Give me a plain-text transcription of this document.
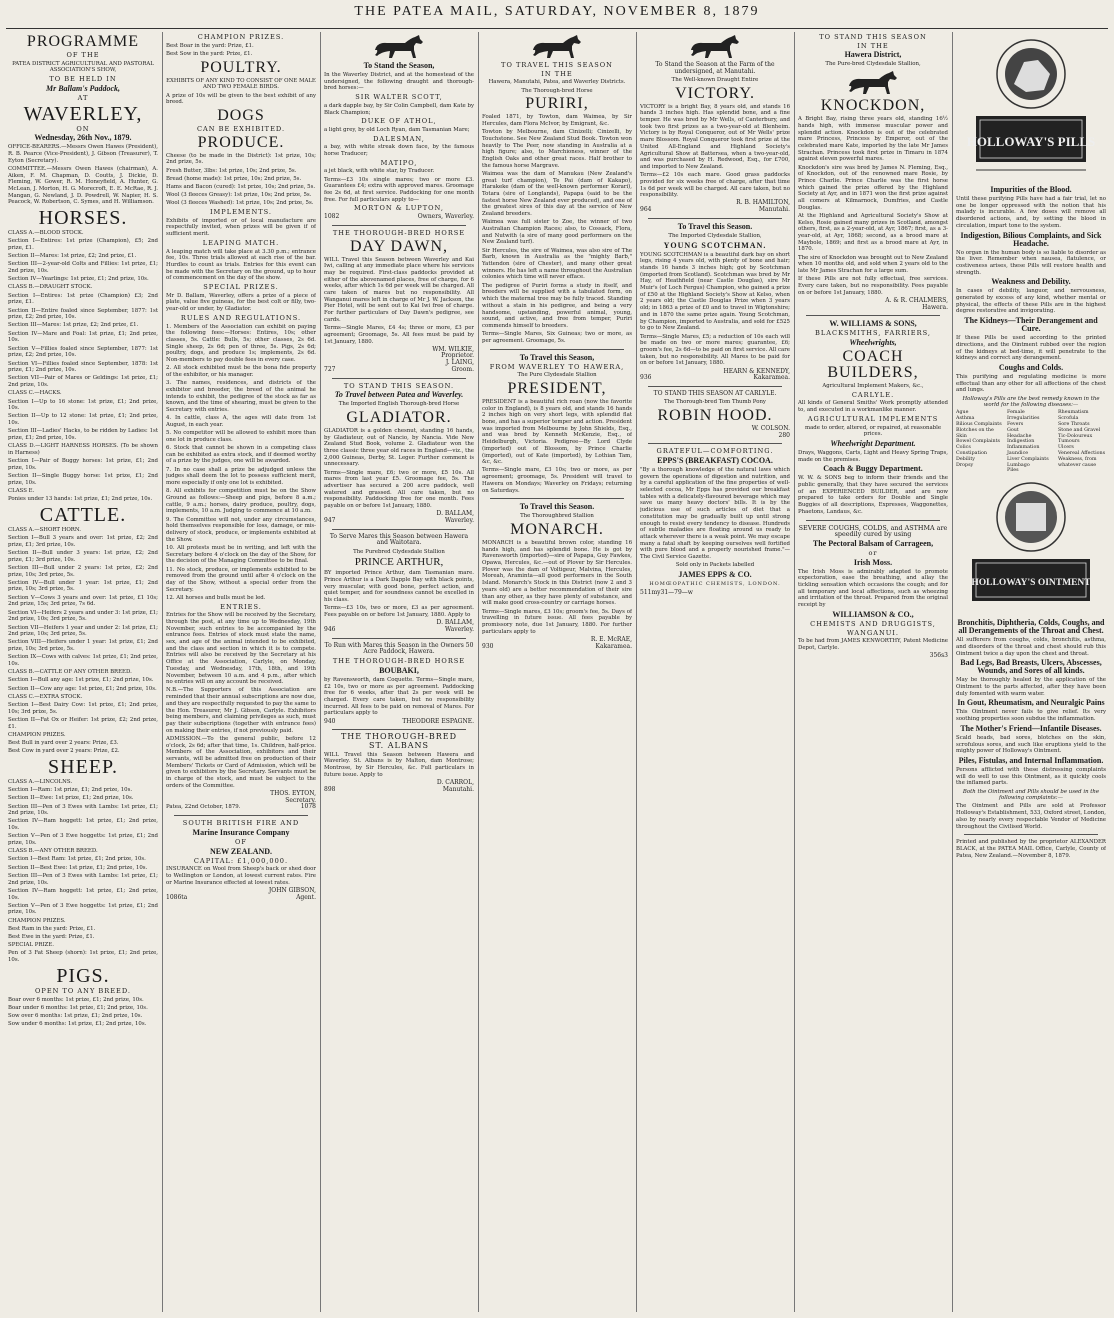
THE PATEA MAIL, SATURDAY, NOVEMBER 8, 1879
PROGRAMME
OF THE

PATEA DISTRICT AGRICULTURAL AND PASTORAL ASSOCIATION'S SHOW,

TO BE HELD IN
Mr Ballam's Paddock,
AT
WAVERLEY,
ON
Wednesday, 26th Nov., 1879.

OFFICE-BEARERS.—Messrs Owen Hawes (President), R. B. Pearce (Vice-President), J. Gibson (Treasurer), T. Eyton (Secretary).

COMMITTEE.—Messrs Owen Hawes (chairman), A. Aiken, F. M. Chapman, D. Coutts, J. Dickie, D. Fleming, W. Gower, R. M. Honeyfield, A. Hunter, G. McLean, J. Morton, H. G. Morecroft, E. E. McRae, R. J. Mangan, G. Newland, J. D. Powdrell, W. Napier, H. S. Peacock, W. Robertson, C. Symes, and H. Williamson.

HORSES.

CLASS A.—BLOOD STOCK.

Section I—Entires: 1st prize (Champion), £5; 2nd prize, £1.

Section II—Mares: 1st prize, £2; 2nd prize, £1.

Section III—2-year-old Colts and Fillies: 1st prize, £1; 2nd prize, 10s.

Section IV—Yearlings: 1st prize, £1; 2nd prize, 10s.

CLASS B.—DRAUGHT STOCK.

Section I—Entires: 1st prize (Champion) £3; 2nd prize, £1.

Section II—Entire foaled since September, 1877: 1st prize, £2; 2nd prize, 10s.

Section III—Mares: 1st prize, £2; 2nd prize, £1.

Section IV—Mare and Foal: 1st prize, £1; 2nd prize, 10s.

Section V—Fillies foaled since September, 1877: 1st prize, £2; 2nd prize, 10s.

Section VI—Fillies foaled since September, 1878: 1st prize, £1; 2nd prize, 10s.

Section VII—Pair of Mares or Geldings: 1st prize, £1; 2nd prize, 10s.

CLASS C.—HACKS.

Section I—Up to 16 stone: 1st prize, £1; 2nd prize, 10s.

Section II—Up to 12 stone: 1st prize, £1; 2nd prize, 10s.

Section III—Ladies' Hacks, to be ridden by Ladies: 1st prize, £1; 2nd prize, 10s.

CLASS D.—LIGHT HARNESS HORSES. (To be shown in Harness)

Section I—Pair of Buggy horses: 1st prize, £1; 2nd prize, 10s.

Section II—Single Buggy horse: 1st prize, £1; 2nd prize, 10s.

CLASS E.

Ponies under 13 hands: 1st prize, £1; 2nd prize, 10s.

CATTLE.

CLASS A.—SHORT HORN.

Section I—Bull 3 years and over: 1st prize, £2; 2nd prize, £1; 3rd prize, 10s.

Section II—Bull under 3 years: 1st prize, £2; 2nd prize, £1; 3rd prize, 10s.

Section III—Bull under 2 years: 1st prize, £2; 2nd prize, 10s; 3rd prize, 5s.

Section IV—Bull under 1 year: 1st prize, £1; 2nd prize, 10s; 3rd prize, 5s.

Section V—Cows 3 years and over: 1st prize, £1 10s; 2nd prize, 15s; 3rd prize, 7s 6d.

Section VI—Heifers 2 years and under 3: 1st prize, £1; 2nd prize, 10s; 3rd prize, 5s.

Section VII—Heifers 1 year and under 2: 1st prize, £1; 2nd prize, 10s; 3rd prize, 5s.

Section VIII—Heifers under 1 year: 1st prize, £1; 2nd prize, 10s; 3rd prize, 5s.

Section IX—Cows with calves: 1st prize, £1; 2nd prize, 10s.

CLASS B.—CATTLE OF ANY OTHER BREED.

Section I—Bull any age: 1st prize, £1; 2nd prize, 10s.

Section II—Cow any age: 1st prize, £1; 2nd prize, 10s.

CLASS C.—EXTRA STOCK.

Section I—Best Dairy Cow: 1st prize, £1; 2nd prize, 10s; 3rd prize, 5s.

Section II—Fat Ox or Heifer: 1st prize, £2; 2nd prize, £1.

CHAMPION PRIZES.

Best Bull in yard over 2 years: Prize, £3.

Best Cow in yard over 2 years: Prize, £2.

SHEEP.

CLASS A.—LINCOLNS.

Section I—Ram: 1st prize, £1; 2nd prize, 10s.

Section II—Ewe: 1st prize, £1; 2nd prize, 10s.

Section III—Pen of 3 Ewes with Lambs: 1st prize, £1; 2nd prize, 10s.

Section IV—Ram hoggett: 1st prize, £1; 2nd prize, 10s.

Section V—Pen of 3 Ewe hoggetts: 1st prize, £1; 2nd prize, 10s.

CLASS B.—ANY OTHER BREED.

Section I—Best Ram: 1st prize, £1; 2nd prize, 10s.

Section II—Best Ewe: 1st prize, £1; 2nd prize, 10s.

Section III—Pen of 3 Ewes with Lambs: 1st prize, £1; 2nd prize, 10s.

Section IV—Ram hoggett: 1st prize, £1; 2nd prize, 10s.

Section V—Pen of 3 Ewe hoggetts: 1st prize, £1; 2nd prize, 10s.

CHAMPION PRIZES.

Best Ram in the yard: Prize, £1.

Best Ewe in the yard: Prize, £1.

SPECIAL PRIZE.

Pen of 3 Fat Sheep (shorn): 1st prize, £1; 2nd prize, 10s.

PIGS.
OPEN TO ANY BREED.

Boar over 6 months: 1st prize, £1; 2nd prize, 10s.

Boar under 6 months: 1st prize, £1; 2nd prize, 10s.

Sow over 6 months: 1st prize, £1; 2nd prize, 10s.

Sow under 6 months: 1st prize, £1; 2nd prize, 10s.

CHAMPION PRIZES.

Best Boar in the yard: Prize, £1.

Best Sow in the yard: Prize, £1.

POULTRY.

EXHIBITS OF ANY KIND TO CONSIST OF ONE MALE AND TWO FEMALE BIRDS.

A prize of 10s will be given to the best exhibit of any breed.

DOGS
CAN BE EXHIBITED.
PRODUCE.

Cheese (to be made in the District): 1st prize, 10s; 2nd prize, 5s.

Fresh Butter, 3lbs: 1st prize, 10s; 2nd prize, 5s.

Bread (home made): 1st prize, 10s; 2nd prize, 5s.

Hams and Bacon (cured): 1st prize, 10s; 2nd prize, 5s.

Wool (3 fleeces Greasy): 1st prize, 10s; 2nd prize, 5s.

Wool (3 fleeces Washed): 1st prize, 10s; 2nd prize, 5s.

IMPLEMENTS.

Exhibits of imported or of local manufacture are respectfully invited, when prizes will be given if of sufficient merit.

LEAPING MATCH.

A leaping match will take place at 3.30 p.m.; entrance fee, 10s. Three trials allowed at each rise of the bar. Hurdles to count as trials. Entries for this event can be made with the Secretary on the ground, up to hour of commencement on the day of the show.

SPECIAL PRIZES.

Mr D. Ballam, Waverley, offers a prize of a piece of plate, value five guineas, for the best colt or filly, two-year-old or under, by Gladiator.

RULES AND REGULATIONS.

1. Members of the Association can exhibit on paying the following fees:—Horses: Entires, 10s; other classes, 5s. Cattle: Bulls, 5s; other classes, 2s 6d. Single sheep, 2s 6d; pen of three, 5s. Pigs, 2s 6d; poultry, dogs, and produce 1s; implements, 2s 6d. Non-members to pay double fees in every case.

2. All stock exhibited must be the bona fide property of the exhibitor, or his manager.

3. The names, residences, and districts of the exhibitor and breeder, the breed of the animal he intends to exhibit, the pedigree of the stock as far as known, and the time of shearing, must be given to the Secretary with entries.

4. In cattle, class A, the ages will date from 1st August, in each year.

5. No competitor will be allowed to exhibit more than one lot in produce class.

6. Stock that cannot be shown in a competing class can be exhibited as extra stock, and if deemed worthy of a prize by the judges, one will be awarded.

7. In no case shall a prize be adjudged unless the judges shall deem the lot to possess sufficient merit, more especially if only one lot is exhibited.

8. All exhibits for competition must be on the Show Ground as follows:—Sheep and pigs, before 8 a.m.; cattle, 9 a.m.; horses, dairy produce, poultry, dogs, implements, 10 a.m. Judging to commence at 10 a.m.

9. The Committee will not, under any circumstances, hold themselves responsible for loss, damage, or mis-delivery of stock, produce, or implements exhibited at the Show.

10. All protests must be in writing, and left with the Secretary before 4 o'clock on the day of the Show, for the decision of the Managing Committee to be final.

11. No stock, produce, or implements exhibited to be removed from the ground until after 4 o'clock on the day of the Show, without a special order from the Secretary.

12. All horses and bulls must be led.

ENTRIES.

Entries for the Show will be received by the Secretary, through the post, at any time up to Wednesday, 19th November, such entries to be accompanied by the entrance fees. Entries of stock must state the name, sex, and age of the animal intended to be exhibited, and the class and section in which it is to compete. Entries will also be received by the Secretary at his Office at the Association, Carlyle, on Monday, Tuesday, and Wednesday, 17th, 18th, and 19th November, between 10 a.m. and 4 p.m., after which no entries will on any account be received.

N.B.—The Supporters of this Association are reminded that their annual subscriptions are now due, and they are respectfully requested to pay the same to the Hon. Treasurer, Mr J. Gibson, Carlyle. Exhibitors being members, and claiming privileges as such, must pay their subscriptions (together with entrance fees) on making their entries, if not previously paid.

ADMISSION.—To the general public, before 12 o'clock, 2s 6d; after that time, 1s. Children, half-price. Members of the Association, exhibitors and their servants, will be admitted free on production of their Members' Tickets or Card of Admission, which will be given to exhibitors by the Secretary. Servants must be in charge of the stock, and must be subject to the orders of the Committee.

THOS. EYTON,
Secretary.

Patea, 22nd October, 1879.	1078

SOUTH BRITISH FIRE AND
Marine Insurance Company
OF
NEW ZEALAND.
CAPITAL: £1,000,000.

INSURANCE on Wool from Sheep's back or shed door to Wellington or London, at lowest current rates. Fire or Marine Insurance effected at lowest rates.

JOHN GIBSON,

1086ta	Agent.

To Stand the Season,

In the Waverley District, and at the homestead of the undersigned, the following draught and thorough-bred horses:—

SIR WALTER SCOTT,

a dark dapple bay, by Sir Colin Campbell, dam Kate by Black Champion;

DUKE OF ATHOL,

a light grey, by old Loch Ryan, dam Tasmanian Mare;

DALESMAN,

a bay, with white streak down face, by the famous horse Traducer;

MATIPO,

a jet black, with white star, by Traducer.

Terms—£3 10s single mares; two or more £3. Guarantees £4; extra with approved mares. Groomage fee 2s 6d, at first service. Paddocking for one month free. For full particulars apply to—

MORTON & LUPTON,

1082	Owners, Waverley.

THE THOROUGH-BRED HORSE
DAY DAWN,

WILL Travel this Season between Waverley and Kai Iwi, calling at any immediate place where his services may be required. First-class paddocks provided at either of the abovenamed places, free of charge, for 6 weeks, after which 1s 6d per week will be charged. All care taken of mares but no responsibility. All Wanganui mares left in charge of Mr J. W. Jackson, the Pier Hotel, will be sent out to Kai Iwi free of charge. For further particulars of Day Dawn's pedigree, see cards.

Terms—Single Mares, £4 4s; three or more, £3 per agreement; Groomage, 5s. All fees must be paid by 1st January, 1880.

WM. WILKIE,
Proprietor.
J. LAING,

727	Groom.

TO STAND THIS SEASON.
To Travel between Patea and Waverley.

The Imported English Thorough-bred Horse

GLADIATOR.

GLADIATOR is a golden chesnut, standing 16 hands, by Gladiateur, out of Nancio, by Nancia. Vide New Zealand Stud Book, volume 2. Gladiateur won the three classic three year old races in England—viz., the 2,000 Guineas, Derby, St. Leger. Further comment is unnecessary.

Terms—Single mare, £6; two or more, £5 10s. All mares from last year £5. Groomage fee, 5s. The advertiser has secured a 200 acre paddock, well watered and grassed. All care taken, but no responsibility. Paddocking free for one month. Fees payable on or before 1st January, 1880.

D. BALLAM,

947	Waverley.

To Serve Mares this Season between Hawera and Waitotara.

The Purebred Clydesdale Stallion

PRINCE ARTHUR,

BY imported Prince Arthur, dam Tasmanian mare. Prince Arthur is a Dark Dapple Bay with black points, very muscular, with good bone, perfect action, and quiet temper, and for soundness cannot be excelled in his class.

Terms—£3 10s, two or more, £3 as per agreement. Fees payable on or before 1st January, 1880. Apply to

D. BALLAM,

946	Waverley.

To Run with Mares this Season in the Owners 50 Acre Paddock, Hawera.

THE THOROUGH-BRED HORSE
BOUBAKI,

by Ravensworth, dam Coquette. Terms—Single mare, £2 10s, two or more as per agreement. Paddocking free for 6 weeks, after that 2s per week will be charged. Every care taken, but no responsibility incurred. All fees to be paid on removal of Mares. For particulars apply to

940	THEODORE ESPAGNE.

THE THOROUGH-BRED
ST. ALBANS

WILL Travel this Season between Hawera and Waverley. St. Albans is by Malton, dam Montrose; Montrose, by Sir Hercules, &c. Full particulars in future issue. Apply to

D. CARROL,

898	Manutahi.

TO TRAVEL THIS SEASON
IN THE

Hawera, Manutahi, Patea, and Waverley Districts.

The Thorough-bred Horse

PURIRI,

Foaled 1871, by Towton, dam Waimea, by Sir Hercules, dam Flora McIvor, by Emigrant, &c.

Towton by Melbourne, dam Cinizelli; Cinizelli, by Touchstone. See New Zealand Stud Book. Towton won heavily to The Peer, now standing in Australia at a high figure; also, to Marchioness, winner of the English Oaks and other great races. Half brother to the famous horse Margrave.

Waimea was the dam of Manukau (New Zealand's great turf champion), Te Pai (dam of Kakapo), Harakeke (dam of the well-known performer Korari), Totara (sire of Longlands), Papapa (said to be the fastest horse New Zealand ever produced), and one of the greatest sires of this day at the service of New Zealand breeders.

Waimea was full sister to Zoe, the winner of two Australian Champion Races; also, to Cossack, Flora, and Nutwith (a sire of many good performers on the New Zealand turf).

Sir Hercules, the sire of Waimea, was also sire of The Barb, known in Australia as the "mighty Barb," Yattendon (sire of Chester), and many other great winners. He has left a name throughout the Australian colonies which time will never efface.

The pedigree of Puriri forms a study in itself, and breeders will be supplied with a tabulated form, on which the maternal tree may be fully traced. Standing without a stain in his pedigree, and being a very handsome, upstanding, powerful animal, young, sound, and active, and free from temper, Puriri commends himself to breeders.

Terms—Single Mares, Six Guineas; two or more, as per agreement. Groomage, 5s.

To Travel this Season,
FROM WAVERLEY TO HAWERA,

The Pure Clydesdale Stallion

PRESIDENT,

PRESIDENT is a beautiful rich roan (now the favorite color in England), is 8 years old, and stands 16 hands 2 inches high on very short legs, with splendid flat bone, and has a superior temper and action. President was imported from Melbourne by John Shields, Esq., and was bred by Kenneth McKenzie, Esq., of Heidelburgh, Victoria. Pedigree—By Lord Clyde (imported) out of Blossom, by Prince Charlie (imported), out of Kate (imported), by Lothian Tam, &c, &c.

Terms—Single mare, £3 10s; two or more, as per agreement; groomage, 5s. President will travel to Hawera on Mondays; Waverley on Fridays; returning on Saturdays.

To Travel this Season.

The Thoroughbred Stallion

MONARCH.

MONARCH is a beautiful brown color, standing 16 hands high, and has splendid bone. He is got by Ravensworth (imported)—sire of Papapa, Guy Fawkes, Opawa, Hercules, &c.—out of Plover by Sir Hercules. Plover was the dam of Voltigeur, Malvina, Hercules, Moreah, Araminta—all good performers in the South Island. Monarch's Stock in this District (now 2 and 3 years old) are a better recommendation of their sire than any other, as they have plenty of substance, and will make good cross-country or carriage horses.

Terms—Single mares, £3 10s; groom's fee, 5s. Days of travelling in future issue. All fees payable by promissory note, due 1st January, 1880. For further particulars apply to

R. E. McRAE,

930	Kakaramea.

To Stand the Season at the Farm of the undersigned, at Manutahi.

The Well-known Draught Entire

VICTORY.

VICTORY is a bright Bay, 8 years old, and stands 16 hands 3 inches high. Has splendid bone, and a fine temper. He was bred by Mr Wells, of Canterbury, and took two first prizes as a two-year-old at Blenheim. Victory is by Royal Conqueror, out of Mr Wells' prize mare Blossom. Royal Conqueror took first prize at the United All-England and Highland Society's Agricultural Show at Battersea, when a two-year-old, and was purchased by H. Redwood, Esq., for £700, and imported to New Zealand.

Terms—£2 10s each mare. Good grass paddocks provided for six weeks free of charge, after that time 1s 6d per week will be charged. All care taken, but no responsibility.

R. B. HAMILTON,

964	Manutahi.

To Travel this Season.

The Imported Clydesdale Stallion,

YOUNG SCOTCHMAN.

YOUNG SCOTCHMAN is a beautiful dark bay on short legs, rising 4 years old, with plenty of bone and hair; stands 16 hands 3 inches high; got by Scotchman (imported from Scotland). Scotchman was bred by Mr Hay, of Heathfield (near Castle Douglas), sire Mr Muir's (of Loch Fergus) Champion, who gained a prize of £50 at the Highland Society's Show at Kelso, when 2 years old; the Castle Douglas Prize when 3 years old; in 1863 a prize of £0 and to travel in Wigtonshire; and in 1870 the same prize again. Young Scotchman, by Champion, imported to Australia, and sold for £525 to go to New Zealand.

Terms—Single Mares, £5; a reduction of 10s each will be made on two or more mares; guarantee, £6; groom's fee, 2s 6d—to be paid on first service. All care taken, but no responsibility. All Mares to be paid for on or before 1st January, 1880.

HEARN & KENNEDY,

936	Kakaramea.

TO STAND THIS SEASON AT CARLYLE.

The Thorough-bred Tom Thumb Pony

ROBIN HOOD.
W. COLSON.
280
GRATEFUL—COMFORTING.
EPPS'S (BREAKFAST) COCOA.

"By a thorough knowledge of the natural laws which govern the operations of digestion and nutrition, and by a careful application of the fine properties of well-selected cocoa, Mr Epps has provided our breakfast tables with a delicately-flavoured beverage which may save us many heavy doctors' bills. It is by the judicious use of such articles of diet that a constitution may be gradually built up until strong enough to resist every tendency to disease. Hundreds of subtle maladies are floating around us ready to attack wherever there is a weak point. We may escape many a fatal shaft by keeping ourselves well fortified with pure blood and a properly nourished frame."—The Civil Service Gazette.

Sold only in Packets labelled

JAMES EPPS & CO.
HOMŒOPATHIC CHEMISTS, LONDON.

511my31—79—w

TO STAND THIS SEASON
IN THE
Hawera District,

The Pure-bred Clydesdale Stallion,

KNOCKDON,

A Bright Bay, rising three years old, standing 16½ hands high, with immense muscular power and splendid action. Knockdon is out of the celebrated mare Princess, Princess by Emperor, out of the celebrated mare Kate, imported by the late Mr James Strachan. Princess took first prize in Timaru in 1874 against eleven powerful mares.

Knockdon's sire was bred by James N. Fleming, Esq., of Knockdon, out of the renowned mare Rosie, by Prince Charlie. Prince Charlie was the first horse which gained the prize offered by the Highland Society at Ayr, and in 1871 won the first prize against all comers at Kilmarnock, Dumfries, and Castle Douglas.

At the Highland and Agricultural Society's Show at Kelso, Rosie gained many prizes in Scotland, amongst others, first, as a 2-year-old, at Ayr, 1867; first, as a 3-year-old, at Ayr, 1868; second, as a brood mare at Maybole, 1869; and first as a brood mare at Ayr, in 1870.

The sire of Knockdon was brought out to New Zealand when 10 months old, and sold when 2 years old to the late Mr James Strachan for a large sum.

If these Pills are not fully effectual, free services. Every care taken, but no responsibility. Fees payable on or before 1st January, 1880.

A. & R. CHALMERS,
Hawera.
W. WILLIAMS & SONS,
BLACKSMITHS, FARRIERS,
Wheelwrights,
COACH BUILDERS,

Agricultural Implement Makers, &c.,

CARLYLE.

All kinds of General Smiths' Work promptly attended to, and executed in a workmanlike manner.

AGRICULTURAL IMPLEMENTS

made to order, altered, or repaired, at reasonable prices.

Wheelwright Department.

Drays, Waggons, Carts, Light and Heavy Spring Traps, made on the premises.

Coach & Buggy Department.

W. W. & SONS beg to inform their friends and the public generally, that they have secured the services of an EXPERIENCED BUILDER, and are now prepared to take orders for Double and Single Buggies of all descriptions, Expresses, Waggonettes, Phaetons, Landaus, &c.

SEVERE COUGHS, COLDS, and ASTHMA are speedily cured by using

The Pectoral Balsam of Carrageen,
or
Irish Moss.

The Irish Moss is admirably adapted to promote expectoration, ease the breathing, and allay the tickling sensation which occasions the cough; and for all temporary and local affections, such as wheezing and irritation of the throat. Prepared from the original receipt by

WILLIAMSON & CO.,
CHEMISTS AND DRUGGISTS,
WANGANUI.

To be had from JAMES KENWORTHY, Patent Medicine Depot, Carlyle.

356s3
HOLLOWAY'S PILLS
Impurities of the Blood.

Until these purifying Pills have had a fair trial, let no one be longer oppressed with the notion that his malady is incurable. A few doses will remove all disordered actions, and, by setting the blood in circulation, impart tone to the system.

Indigestion, Bilious Complaints, and Sick Headache.

No organ in the human body is so liable to disorder as the liver. Remember when nausea, flatulence, or costiveness arises, these Pills will restore health and strength.

Weakness and Debility.

In cases of debility, languor, and nervousness, generated by excess of any kind, whether mental or physical, the effects of these Pills are in the highest degree restorative and invigorating.

The Kidneys—Their Derangement and Cure.

If these Pills be used according to the printed directions, and the Ointment rubbed over the region of the kidneys at bed-time, it will penetrate to the kidneys and correct any derangement.

Coughs and Colds.

This purifying and regulating medicine is more effectual than any other for all affections of the chest and lungs.

Holloway's Pills are the best remedy known in the world for the following diseases:—

Ague
Asthma
Bilious Complaints
Blotches on the Skin
Bowel Complaints
Colics
Constipation
Debility
Dropsy
Female Irregularities
Fevers
Gout
Headache
Indigestion
Inflammation
Jaundice
Liver Complaints
Lumbago
Piles
Rheumatism
Scrofula
Sore Throats
Stone and Gravel
Tic-Doloureux
Tumours
Ulcers
Venereal Affections
Weakness, from whatever cause
HOLLOWAY'S OINTMENT
Bronchitis, Diphtheria, Colds, Coughs, and all Derangements of the Throat and Chest.

All sufferers from coughs, colds, bronchitis, asthma, and disorders of the throat and chest should rub this Ointment twice a day upon the chest and throat.

Bad Legs, Bad Breasts, Ulcers, Abscesses, Wounds, and Sores of all kinds.

May be thoroughly healed by the application of the Ointment to the parts affected, after they have been duly fomented with warm water.

In Gout, Rheumatism, and Neuralgic Pains

This Ointment never fails to give relief. Its very soothing properties soon subdue the inflammation.

The Mother's Friend—Infantile Diseases.

Scald heads, bad sores, blotches on the skin, scrofulous sores, and such like eruptions yield to the mighty power of Holloway's Ointment.

Piles, Fistulas, and Internal Inflammation.

Persons afflicted with these distressing complaints will do well to use this Ointment, as it quickly cools the inflamed parts.

Both the Ointment and Pills should be used in the following complaints:—

The Ointment and Pills are sold at Professor Holloway's Establishment, 533, Oxford street, London, also by nearly every respectable Vendor of Medicine throughout the Civilised World.

Printed and published by the proprietor ALEXANDER BLACK, at the PATEA MAIL Office, Carlyle, County of Patea, New Zealand.—November 8, 1879.
